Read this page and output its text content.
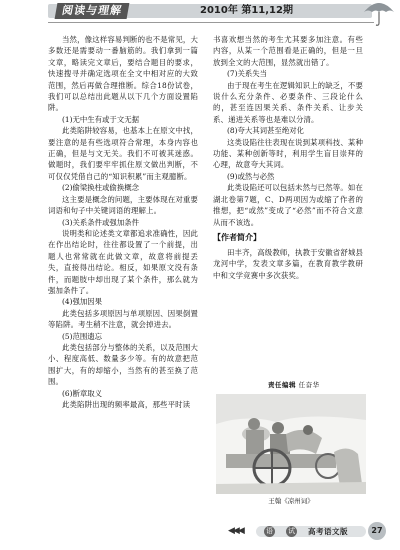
阅读与理解	2010年 第11,12期

当然，像这样容易判断的也不是常见，大多数还是需要动一番脑筋的。我们拿到一篇文章，略读完文章后，要结合题目的要求，快速搜寻并确定选项在全文中相对应的大致范围，然后再做合理推断。综合18份试卷，我们可以总结出此题从以下几个方面设置陷阱。

(1)无中生有或于文无据

此类陷阱较容易，也基本上在原文中找，要注意的是有些选项符合常理，本身内容也正确，但是与文无关。我们不可被其迷惑。做题时，我们要牢牢抓住原文做出判断，不可仅仅凭借自己的“知识积累”而主观臆断。

(2)偷梁换柱或偷换概念

这主要是概念的问题，主要体现在对重要词语和句子中关键词语的理解上。

(3)关系条件或强加条件

说明类和论述类文章都追求准确性，因此在作出结论时，往往都设置了一个前提，出题人也常常就在此做文章，故意将前提丢失，直接得出结论。相反，如果原文没有条件，而题肢中却出现了某个条件，那么就为强加条件了。

(4)强加因果

此类包括多项原因与单项原因、因果倒置等陷阱。考生稍不注意，就会掉进去。

(5)范围遗忘

此类包括部分与整体的关系，以及范围大小、程度高低、数量多少等。有的故意把范围扩大，有的却缩小，当然有的甚至换了范围。

(6)断章取义

此类陷阱出现的频率最高，那些平时读

书喜欢想当然的考生尤其要多加注意。有些内容，从某一个范围看是正确的，但是一旦放到全文的大范围，显然就出错了。

(7)关系失当

由于现在考生在逻辑知识上的缺乏，不要说什么充分条件、必要条件、三段论什么的，甚至连因果关系、条件关系、让步关系、递进关系等也是难以分清。

(8)夸大其词甚至绝对化

这类设陷往往表现在说到某项科技、某种功能、某种创新等时，利用学生盲目崇拜的心理，故意夸大其词。

(9)或然与必然

此类设陷还可以包括未然与已然等。如在湖北卷第7题，C、D两项因为或缩了作者的推想，把“或然”变成了“必然”而不符合文意从而不该选。

【作者简介】

田丰齐，高级教师，执教于安徽省舒城县龙河中学，发表文章多篇，在教育教学教研中和文学竞赛中多次获奖。

责任编辑 任奋华
王翰《凉州词》
◀◀◀	语 试 高考语文版	27
